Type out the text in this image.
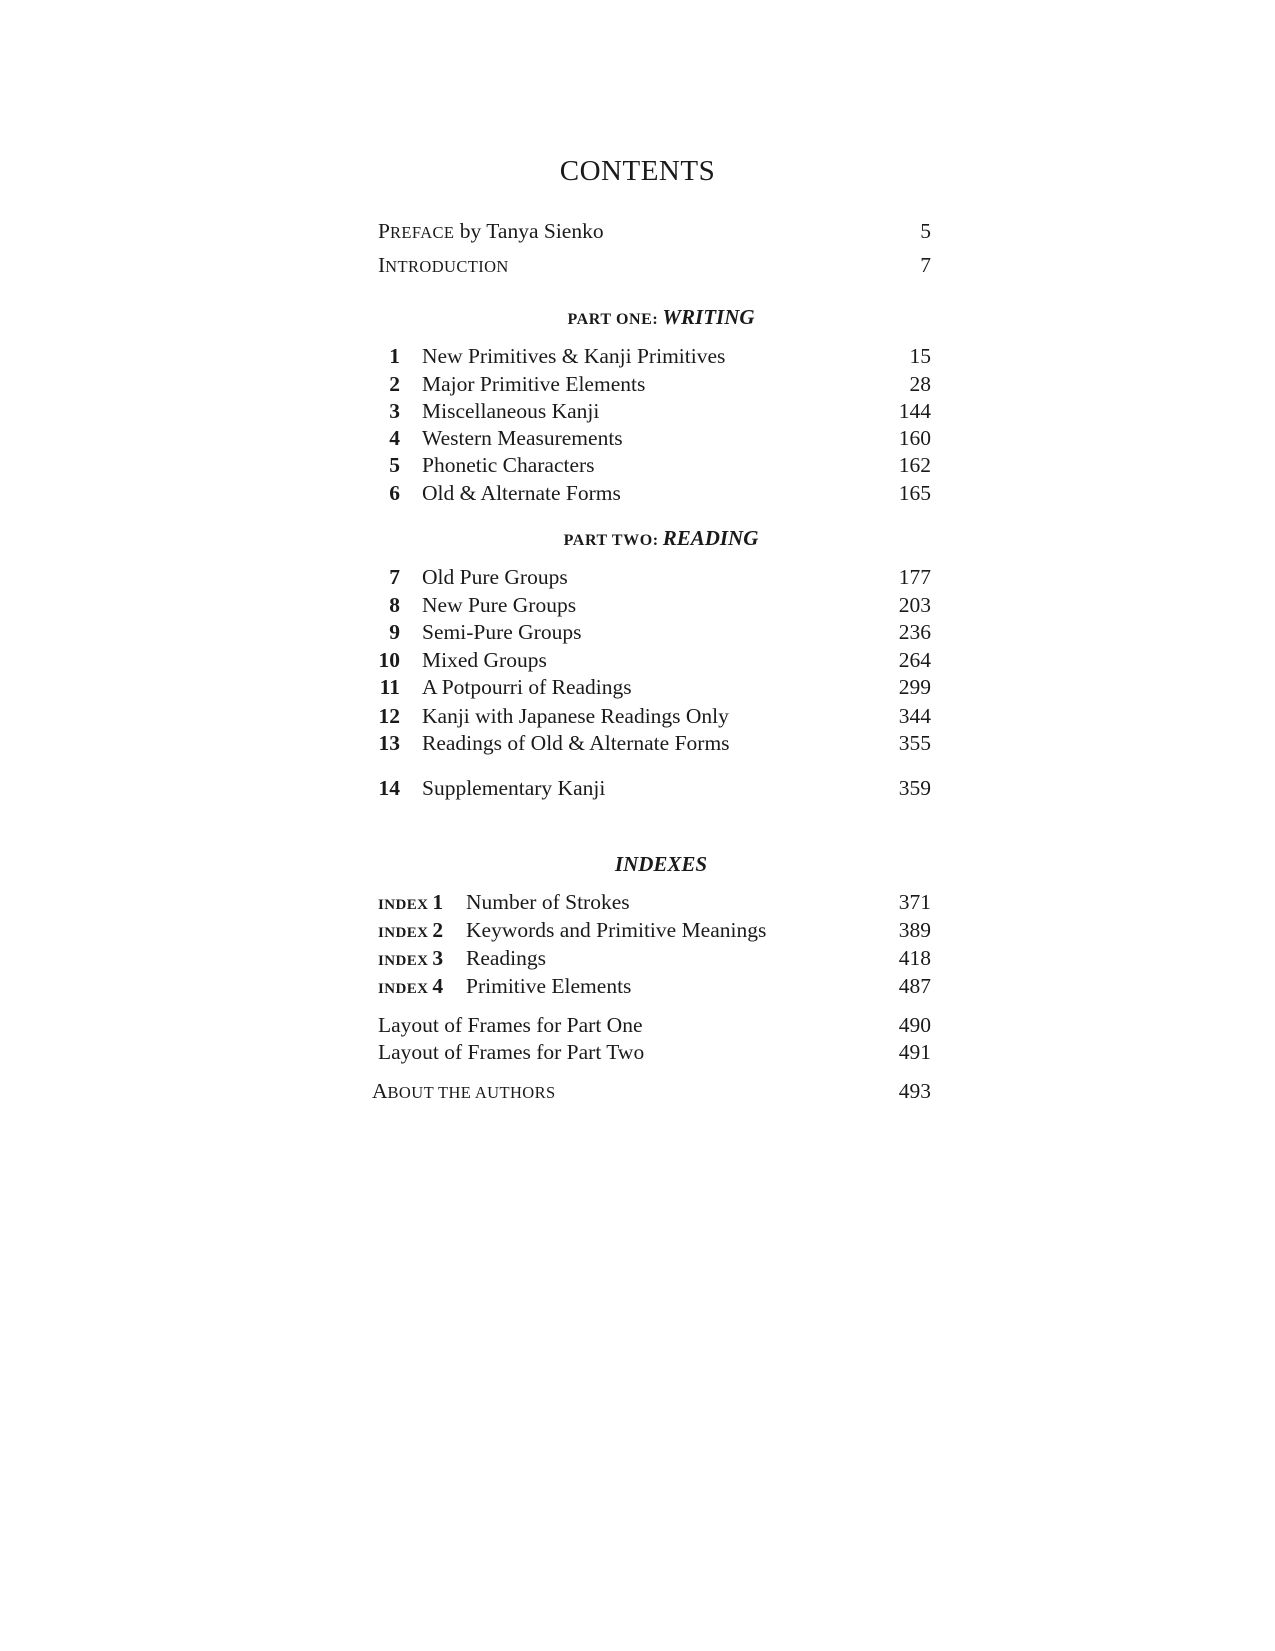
CONTENTS
PREFACE by Tanya Sienko	5
INTRODUCTION	7
PART ONE: WRITING
1 New Primitives & Kanji Primitives	15
2 Major Primitive Elements	28
3 Miscellaneous Kanji	144
4 Western Measurements	160
5 Phonetic Characters	162
6 Old & Alternate Forms	165
PART TWO: READING
7 Old Pure Groups	177
8 New Pure Groups	203
9 Semi-Pure Groups	236
10 Mixed Groups	264
11 A Potpourri of Readings	299
12 Kanji with Japanese Readings Only	344
13 Readings of Old & Alternate Forms	355
14 Supplementary Kanji	359
INDEXES
INDEX 1 Number of Strokes	371
INDEX 2 Keywords and Primitive Meanings	389
INDEX 3 Readings	418
INDEX 4 Primitive Elements	487
Layout of Frames for Part One	490
Layout of Frames for Part Two	491
ABOUT THE AUTHORS	493
